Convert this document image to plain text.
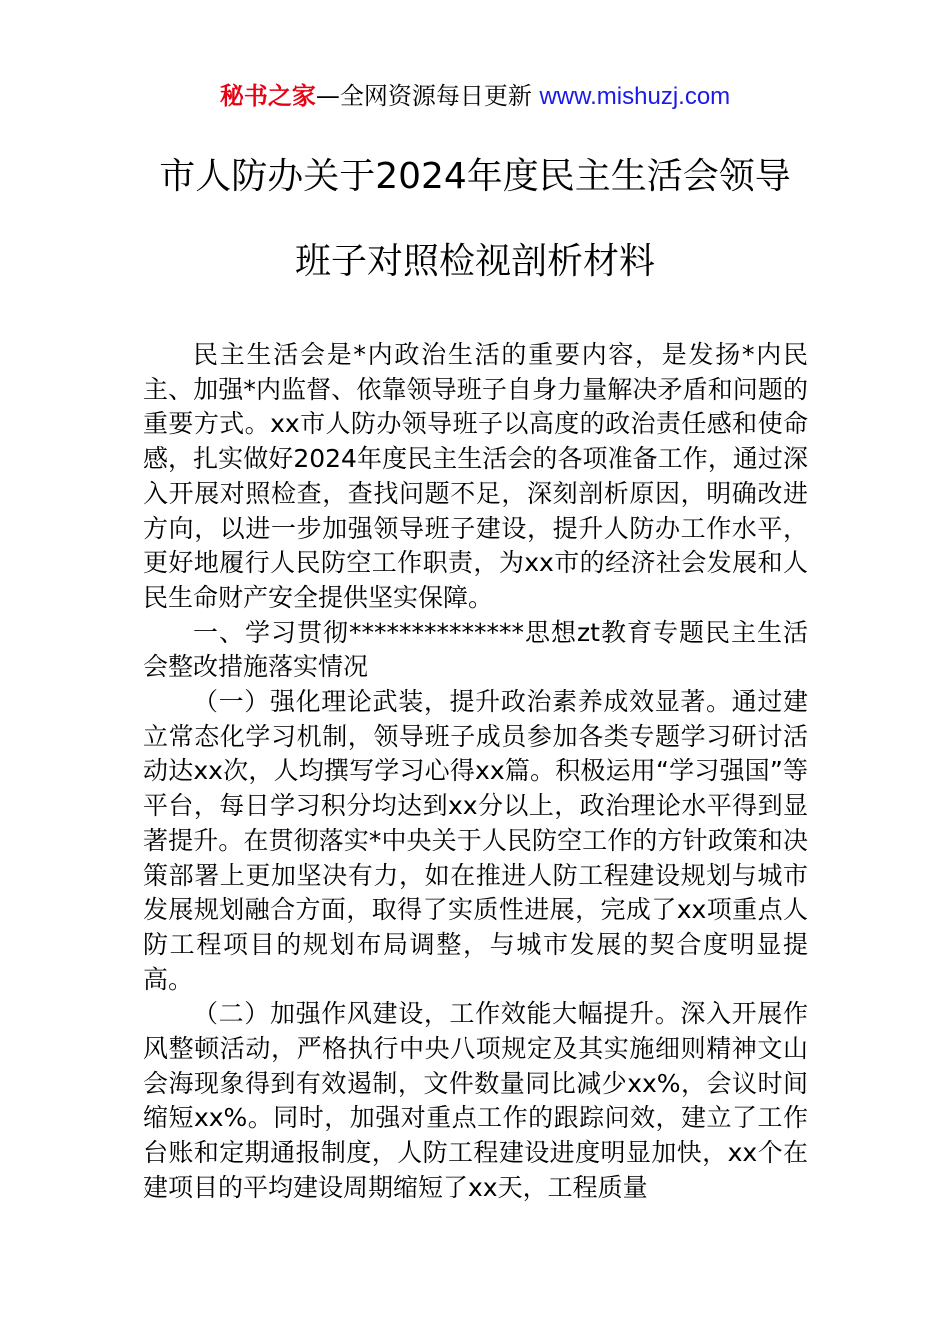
秘书之家—全网资源每日更新 www.mishuzj.com
市人防办关于2024年度民主生活会领导
班子对照检视剖析材料

民主生活会是*内政治生活的重要内容，是发扬*内民主、加强*内监督、依靠领导班子自身力量解决矛盾和问题的重要方式。xx市人防办领导班子以高度的政治责任感和使命感，扎实做好2024年度民主生活会的各项准备工作，通过深入开展对照检查，查找问题不足，深刻剖析原因，明确改进方向，以进一步加强领导班子建设，提升人防办工作水平，更好地履行人民防空工作职责，为xx市的经济社会发展和人民生命财产安全提供坚实保障。

一、学习贯彻**************思想zt教育专题民主生活会整改措施落实情况

（一）强化理论武装，提升政治素养成效显著。通过建立常态化学习机制，领导班子成员参加各类专题学习研讨活动达xx次，人均撰写学习心得xx篇。积极运用“学习强国”等平台，每日学习积分均达到xx分以上，政治理论水平得到显著提升。在贯彻落实*中央关于人民防空工作的方针政策和决策部署上更加坚决有力，如在推进人防工程建设规划与城市发展规划融合方面，取得了实质性进展，完成了xx项重点人防工程项目的规划布局调整，与城市发展的契合度明显提高。

（二）加强作风建设，工作效能大幅提升。深入开展作风整顿活动，严格执行中央八项规定及其实施细则精神文山会海现象得到有效遏制，文件数量同比减少xx%，会议时间缩短xx%。同时，加强对重点工作的跟踪问效，建立了工作台账和定期通报制度，人防工程建设进度明显加快，xx个在建项目的平均建设周期缩短了xx天，工程质量
